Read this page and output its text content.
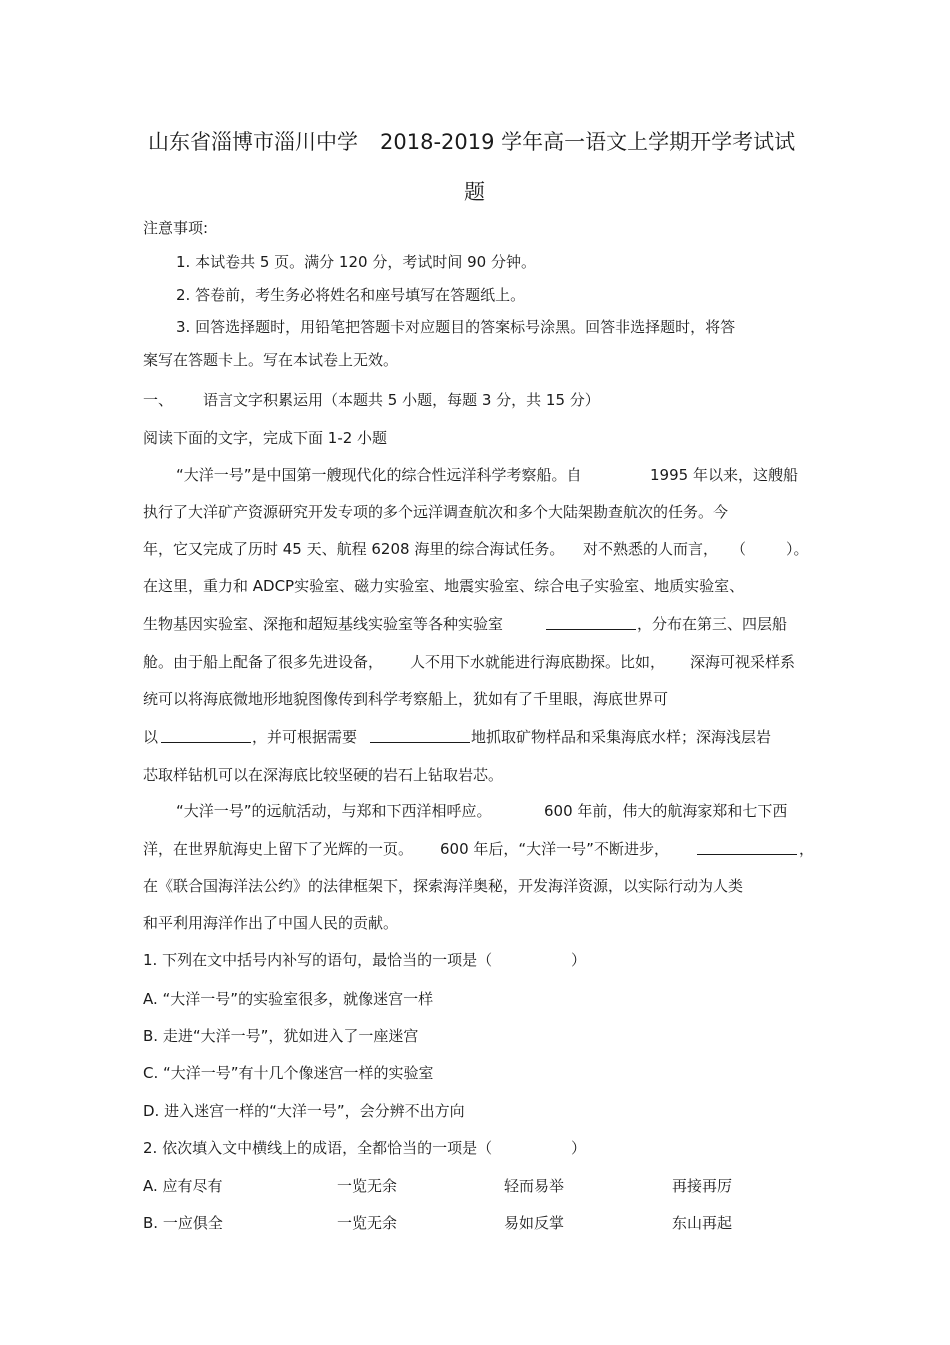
山东省淄博市淄川中学 2018-2019 学年高一语文上学期开学考试试
题
注意事项:
1. 本试卷共 5 页。满分 120 分，考试时间 90 分钟。
2. 答卷前，考生务必将姓名和座号填写在答题纸上。
3. 回答选择题时，用铅笔把答题卡对应题目的答案标号涂黑。回答非选择题时，将答
案写在答题卡上。写在本试卷上无效。
一、 语言文字积累运用（本题共 5 小题，每题 3 分，共 15 分）
阅读下面的文字，完成下面 1-2 小题
“大洋一号”是中国第一艘现代化的综合性远洋科学考察船。自	1995 年以来，这艘船
执行了大洋矿产资源研究开发专项的多个远洋调查航次和多个大陆架勘查航次的任务。今
年，它又完成了历时 45 天、航程 6208 海里的综合海试任务。 对不熟悉的人而言， （	）。
在这里，重力和 ADCP实验室、磁力实验室、地震实验室、综合电子实验室、地质实验室、
生物基因实验室、深拖和超短基线实验室等各种实验室	，分布在第三、四层船
舱。由于船上配备了很多先进设备， 人不用下水就能进行海底勘探。比如， 深海可视采样系
统可以将海底微地形地貌图像传到科学考察船上，犹如有了千里眼，海底世界可
以	，并可根据需要	地抓取矿物样品和采集海底水样；深海浅层岩
芯取样钻机可以在深海底比较坚硬的岩石上钻取岩芯。
“大洋一号”的远航活动，与郑和下西洋相呼应。	600 年前，伟大的航海家郑和七下西
洋，在世界航海史上留下了光辉的一页。 600 年后，“大洋一号”不断进步，	，
在《联合国海洋法公约》的法律框架下，探索海洋奥秘，开发海洋资源，以实际行动为人类
和平利用海洋作出了中国人民的贡献。
1. 下列在文中括号内补写的语句，最恰当的一项是（	）
A. “大洋一号”的实验室很多，就像迷宫一样
B. 走进“大洋一号”，犹如进入了一座迷宫
C. “大洋一号”有十几个像迷宫一样的实验室
D. 进入迷宫一样的“大洋一号”，会分辨不出方向
2. 依次填入文中横线上的成语，全都恰当的一项是（	）
A. 应有尽有	一览无余	轻而易举	再接再厉
B. 一应俱全	一览无余	易如反掌	东山再起
